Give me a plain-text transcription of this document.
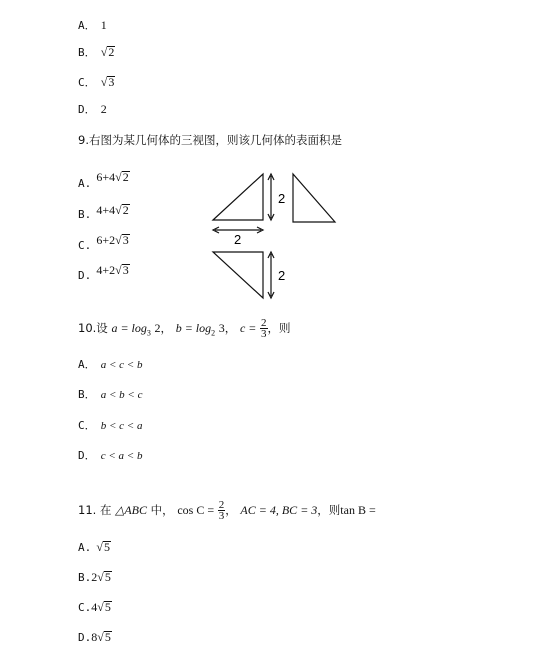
A． 1
B． √2
C． √3
D． 2
9.右图为某几何体的三视图，则该几何体的表面积是
A. $^{6+4√}$2
B. $^{4+4√}$2
C. $^{6+2√}$3
D. $^{4+2√}$3
2
2
2
10.设 $a = \log_3 2$， $b = \log_2 3$， $c = \frac{2}{3}$ ，则
A． a < c < b
B． a < b < c
C． b < c < a
D． c < a < b
11. 在 △ABC 中， $\cos C = \frac{2}{3}$ ， AC = 4, BC = 3，则tan B =
A. √5
B.2√5
C.4√5
D.8√5
